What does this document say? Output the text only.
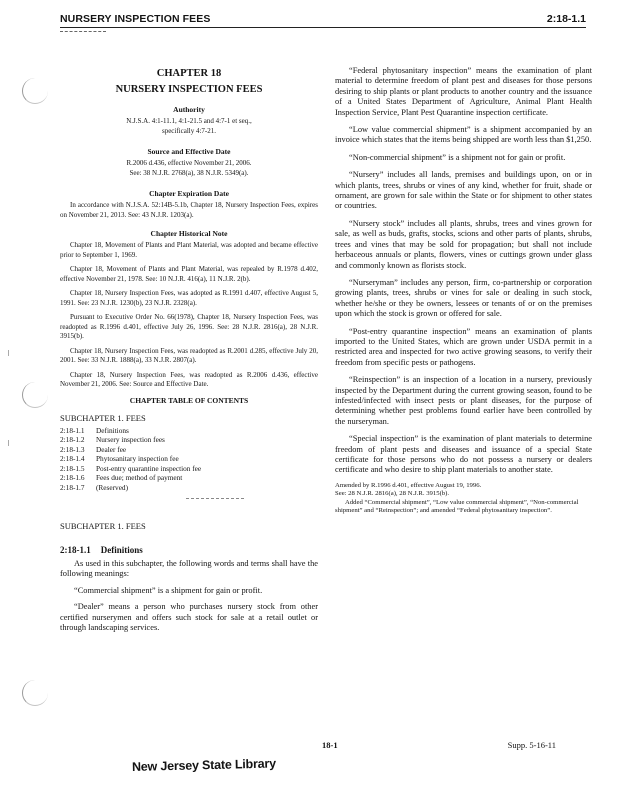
NURSERY INSPECTION FEES	2:18-1.1
CHAPTER 18
NURSERY INSPECTION FEES
Authority
N.J.S.A. 4:1-11.1, 4:1-21.5 and 4:7-1 et seq.,
specifically 4:7-21.
Source and Effective Date
R.2006 d.436, effective November 21, 2006.
See: 38 N.J.R. 2768(a), 38 N.J.R. 5349(a).
Chapter Expiration Date
In accordance with N.J.S.A. 52:14B-5.1b, Chapter 18, Nursery Inspection Fees, expires on November 21, 2013. See: 43 N.J.R. 1203(a).
Chapter Historical Note
Chapter 18, Movement of Plants and Plant Material, was adopted and became effective prior to September 1, 1969.
Chapter 18, Movement of Plants and Plant Material, was repealed by R.1978 d.402, effective November 21, 1978. See: 10 N.J.R. 416(a), 11 N.J.R. 2(b).
Chapter 18, Nursery Inspection Fees, was adopted as R.1991 d.407, effective August 5, 1991. See: 23 N.J.R. 1230(b), 23 N.J.R. 2328(a).
Pursuant to Executive Order No. 66(1978), Chapter 18, Nursery Inspection Fees, was readopted as R.1996 d.401, effective July 26, 1996. See: 28 N.J.R. 2816(a), 28 N.J.R. 3915(b).
Chapter 18, Nursery Inspection Fees, was readopted as R.2001 d.285, effective July 20, 2001. See: 33 N.J.R. 1888(a), 33 N.J.R. 2807(a).
Chapter 18, Nursery Inspection Fees, was readopted as R.2006 d.436, effective November 21, 2006. See: Source and Effective Date.
CHAPTER TABLE OF CONTENTS
SUBCHAPTER 1. FEES
2:18-1.1	Definitions
2:18-1.2	Nursery inspection fees
2:18-1.3	Dealer fee
2:18-1.4	Phytosanitary inspection fee
2:18-1.5	Post-entry quarantine inspection fee
2:18-1.6	Fees due; method of payment
2:18-1.7	(Reserved)
SUBCHAPTER 1. FEES
2:18-1.1 Definitions
As used in this subchapter, the following words and terms shall have the following meanings:
“Commercial shipment” is a shipment for gain or profit.
“Dealer” means a person who purchases nursery stock from other certified nurserymen and offers such stock for sale at a retail outlet or through landscaping services.
“Federal phytosanitary inspection” means the examination of plant material to determine freedom of plant pest and diseases for those persons desiring to ship plants or plant products to another country and the issuance of a United States Department of Agriculture, Animal Plant Health Inspection Service, Plant Pest Quarantine inspection certificate.
“Low value commercial shipment” is a shipment accompanied by an invoice which states that the items being shipped are worth less than $1,250.
“Non-commercial shipment” is a shipment not for gain or profit.
“Nursery” includes all lands, premises and buildings upon, on or in which plants, trees, shrubs or vines of any kind, whether for fruit, shade or ornament, are grown for sale within the State or for shipment to other states or countries.
“Nursery stock” includes all plants, shrubs, trees and vines grown for sale, as well as buds, grafts, stocks, scions and other parts of plants, shrubs, trees and vines that may be sold for propagation; but shall not include herbaceous annuals or plants, flowers, vines or cuttings grown under glass and commonly known as florists stock.
“Nurseryman” includes any person, firm, co-partnership or corporation growing plants, trees, shrubs or vines for sale or dealing in such stock, whether he/she or they be owners, lessees or tenants of or on the premises upon which the stock is grown or offered for sale.
“Post-entry quarantine inspection” means an examination of plants imported to the United States, which are grown under USDA permit in a restricted area and inspected for two active growing seasons, to verify their freedom from specific pests or pathogens.
“Reinspection” is an inspection of a location in a nursery, previously inspected by the Department during the current growing season, found to be infested/infected with insect pests or plant diseases, for the purpose of determining whether pest problems found earlier have been controlled by the nurseryman.
“Special inspection” is the examination of plant materials to determine freedom of plant pests and diseases and issuance of a special State certificate for those persons who do not possess a nursery or dealers certificate and who desire to ship plant materials to another state.
Amended by R.1996 d.401, effective August 19, 1996.
See: 28 N.J.R. 2816(a), 28 N.J.R. 3915(b).
Added “Commercial shipment”, “Low value commercial shipment”, “Non-commercial shipment” and “Reinspection”; and amended “Federal phytosanitary inspection”.
18-1	Supp. 5-16-11
New Jersey State Library
